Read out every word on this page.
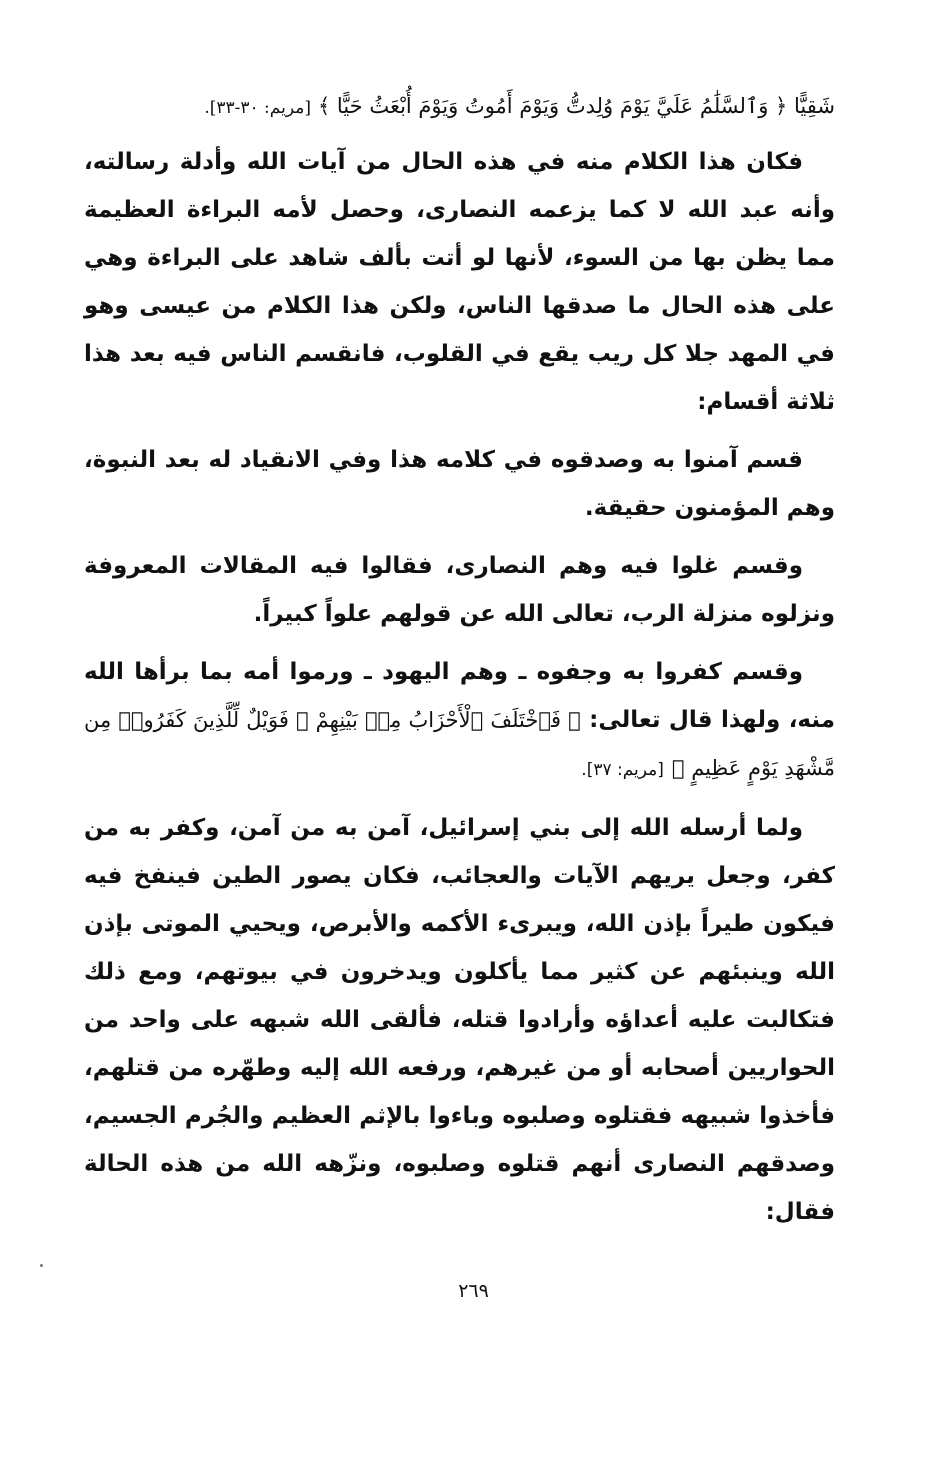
شَقِيًّا ﴿ وَٱلسَّلَٰمُ عَلَيَّ يَوْمَ وُلِدتُّ وَيَوْمَ أَمُوتُ وَيَوْمَ أُبْعَثُ حَيًّا ﴾ [مريم: ٣٠-٣٣].

فكان هذا الكلام منه في هذه الحال من آيات الله وأدلة رسالته، وأنه عبد الله لا كما يزعمه النصارى، وحصل لأمه البراءة العظيمة مما يظن بها من السوء، لأنها لو أتت بألف شاهد على البراءة وهي على هذه الحال ما صدقها الناس، ولكن هذا الكلام من عيسى وهو في المهد جلا كل ريب يقع في القلوب، فانقسم الناس فيه بعد هذا ثلاثة أقسام:

قسم آمنوا به وصدقوه في كلامه هذا وفي الانقياد له بعد النبوة، وهم المؤمنون حقيقة.

وقسم غلوا فيه وهم النصارى، فقالوا فيه المقالات المعروفة ونزلوه منزلة الرب، تعالى الله عن قولهم علواً كبيراً.

وقسم كفروا به وجفوه ـ وهم اليهود ـ ورموا أمه بما برأها الله منه، ولهذا قال تعالى: ﴿ فَٱخْتَلَفَ ٱلْأَحْزَابُ مِنۢ بَيْنِهِمْ ۖ فَوَيْلٌ لِّلَّذِينَ كَفَرُوا۟ مِن مَّشْهَدِ يَوْمٍ عَظِيمٍ ﴾ [مريم: ٣٧].

ولما أرسله الله إلى بني إسرائيل، آمن به من آمن، وكفر به من كفر، وجعل يريهم الآيات والعجائب، فكان يصور الطين فينفخ فيه فيكون طيراً بإذن الله، ويبرىء الأكمه والأبرص، ويحيي الموتى بإذن الله وينبئهم عن كثير مما يأكلون ويدخرون في بيوتهم، ومع ذلك فتكالبت عليه أعداؤه وأرادوا قتله، فألقى الله شبهه على واحد من الحواريين أصحابه أو من غيرهم، ورفعه الله إليه وطهّره من قتلهم، فأخذوا شبيهه فقتلوه وصلبوه وباءوا بالإثم العظيم والجُرم الجسيم، وصدقهم النصارى أنهم قتلوه وصلبوه، ونزّهه الله من هذه الحالة فقال:

٢٦٩
